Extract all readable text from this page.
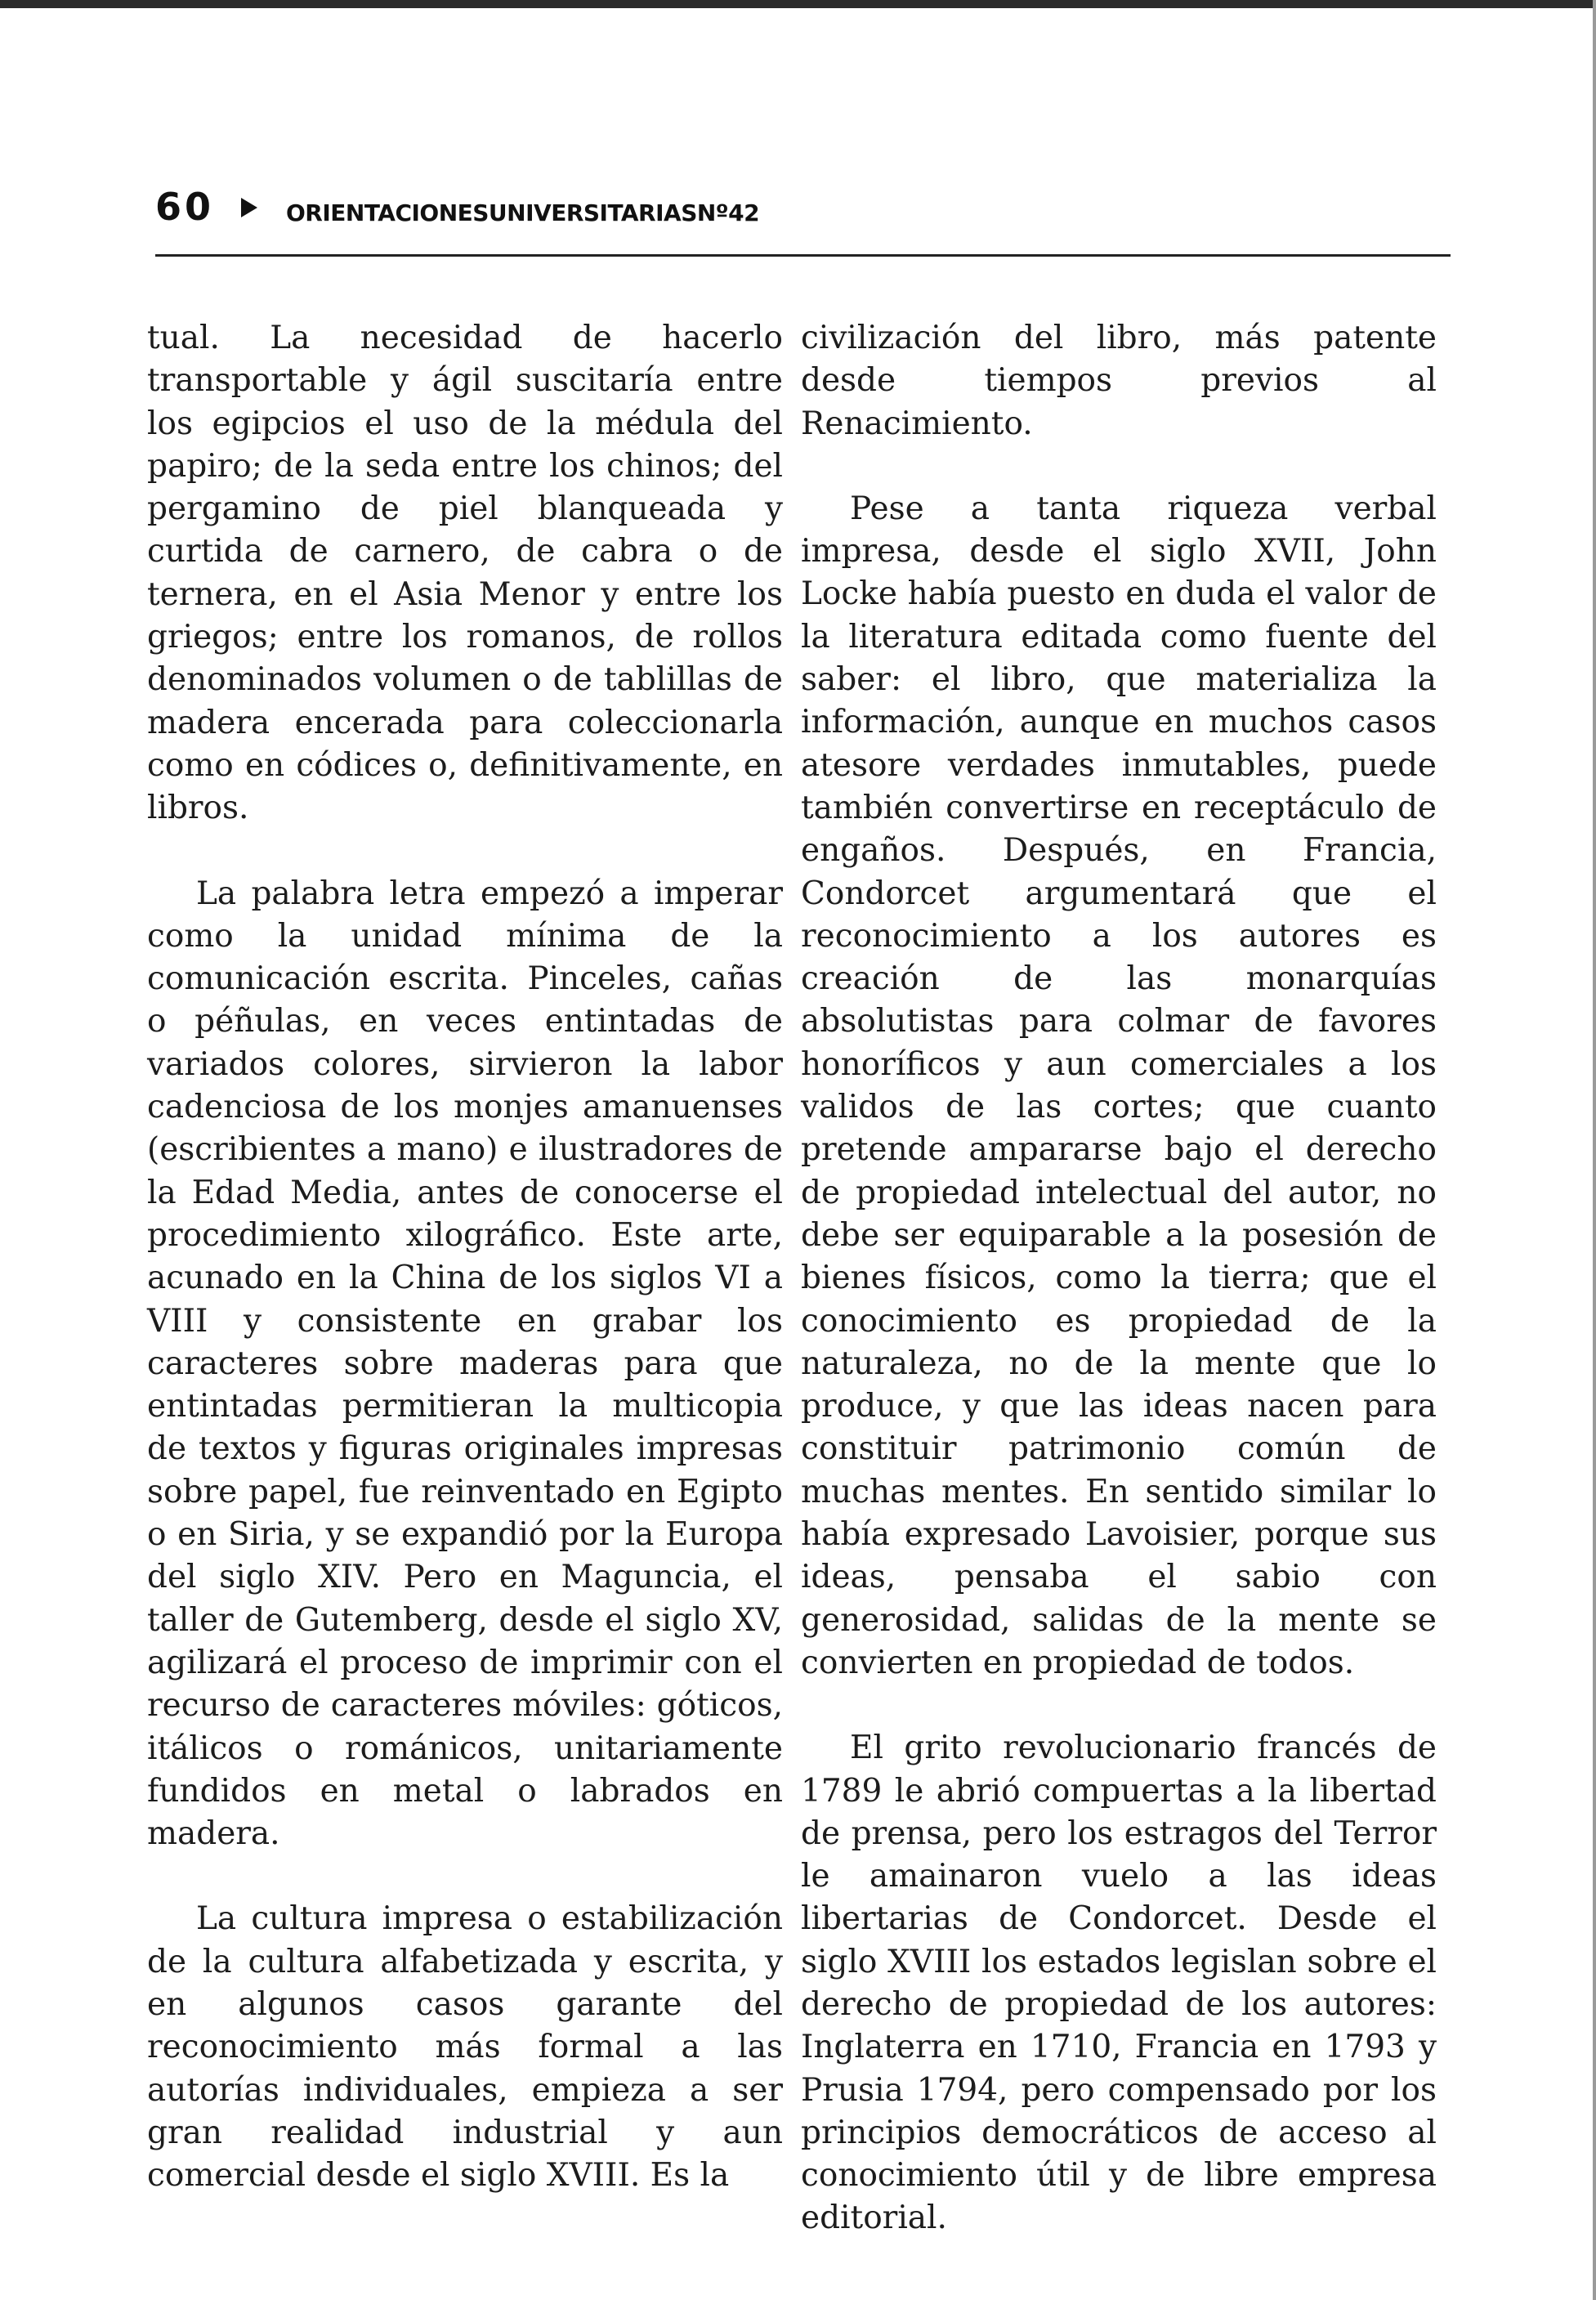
60	ORIENTACIONESUNIVERSITARIASNº42

tual. La necesidad de hacerlo transportable y ágil suscitaría entre los egipcios el uso de la médula del papiro; de la seda entre los chinos; del pergamino de piel blanqueada y curtida de carnero, de cabra o de ternera, en el Asia Menor y entre los griegos; entre los romanos, de rollos denominados volumen o de tablillas de madera encerada para coleccionarla como en códices o, definitivamente, en libros.

La palabra letra empezó a imperar como la unidad mínima de la comunicación escrita. Pinceles, cañas o péñulas, en veces entintadas de variados colores, sirvieron la labor cadenciosa de los monjes amanuenses (escribientes a mano) e ilustradores de la Edad Media, antes de conocerse el procedimiento xilográfico. Este arte, acunado en la China de los siglos VI a VIII y consistente en grabar los caracteres sobre maderas para que entintadas permitieran la multicopia de textos y figuras originales impresas sobre papel, fue reinventado en Egipto o en Siria, y se expandió por la Europa del siglo XIV. Pero en Maguncia, el taller de Gutemberg, desde el siglo XV, agilizará el proceso de imprimir con el recurso de caracteres móviles: góticos, itálicos o románicos, unitariamente fundidos en metal o labrados en madera.

La cultura impresa o estabilización de la cultura alfabetizada y escrita, y en algunos casos garante del reconocimiento más formal a las autorías individuales, empieza a ser gran realidad industrial y aun comercial desde el siglo XVIII. Es la

civilización del libro, más patente desde tiempos previos al Renacimiento.

Pese a tanta riqueza verbal impresa, desde el siglo XVII, John Locke había puesto en duda el valor de la literatura editada como fuente del saber: el libro, que materializa la información, aunque en muchos casos atesore verdades inmutables, puede también convertirse en receptáculo de engaños. Después, en Francia, Condorcet argumentará que el reconocimiento a los autores es creación de las monarquías absolutistas para colmar de favores honoríficos y aun comerciales a los validos de las cortes; que cuanto pretende ampararse bajo el derecho de propiedad intelectual del autor, no debe ser equiparable a la posesión de bienes físicos, como la tierra; que el conocimiento es propiedad de la naturaleza, no de la mente que lo produce, y que las ideas nacen para constituir patrimonio común de muchas mentes. En sentido similar lo había expresado Lavoisier, porque sus ideas, pensaba el sabio con generosidad, salidas de la mente se convierten en propiedad de todos.

El grito revolucionario francés de 1789 le abrió compuertas a la libertad de prensa, pero los estragos del Terror le amainaron vuelo a las ideas libertarias de Condorcet. Desde el siglo XVIII los estados legislan sobre el derecho de propiedad de los autores: Inglaterra en 1710, Francia en 1793 y Prusia 1794, pero compensado por los principios democráticos de acceso al conocimiento útil y de libre empresa editorial.
